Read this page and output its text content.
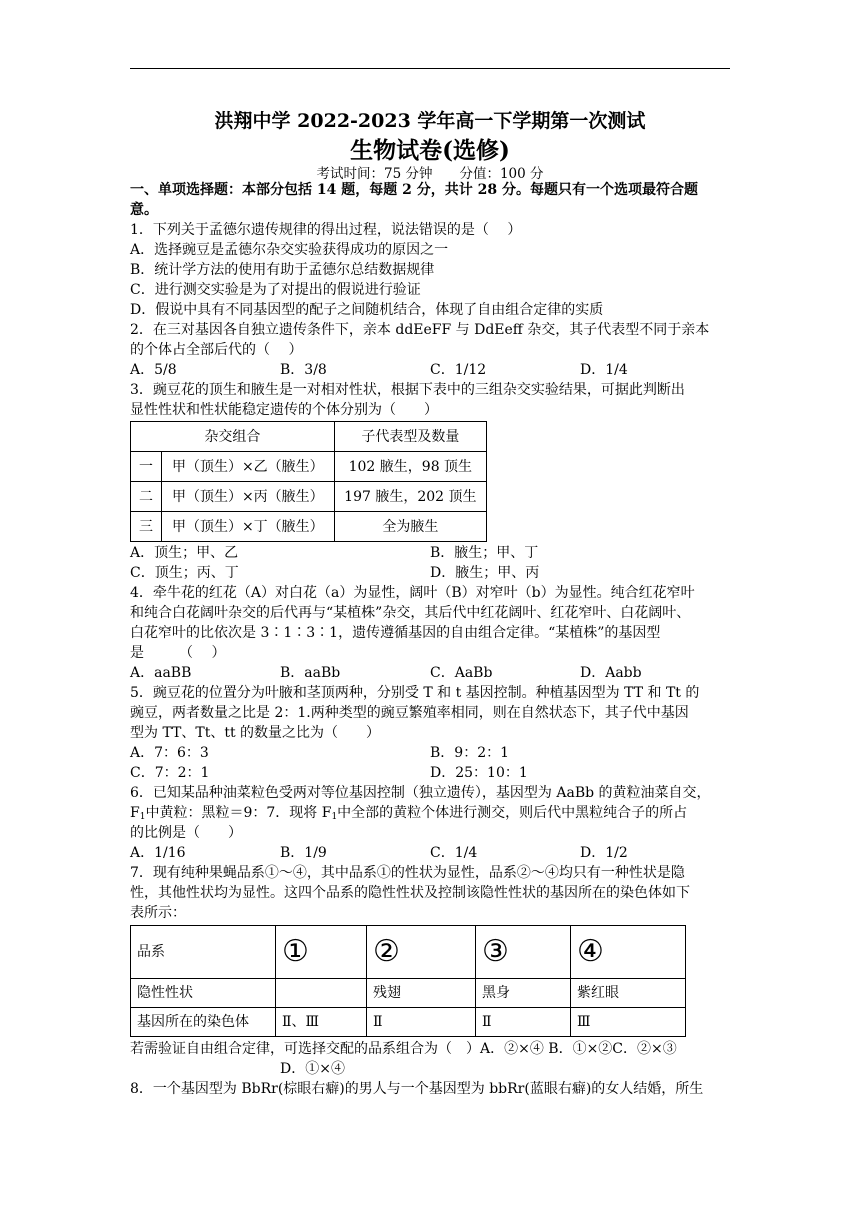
洪翔中学 2022-2023 学年高一下学期第一次测试
生物试卷(选修)
考试时间：75 分钟　　分值：100 分
一、单项选择题：本部分包括 14 题，每题 2 分，共计 28 分。每题只有一个选项最符合题
意。
1．下列关于孟德尔遗传规律的得出过程，说法错误的是（　 ）
A．选择豌豆是孟德尔杂交实验获得成功的原因之一
B．统计学方法的使用有助于孟德尔总结数据规律
C．进行测交实验是为了对提出的假说进行验证
D．假说中具有不同基因型的配子之间随机结合，体现了自由组合定律的实质
2．在三对基因各自独立遗传条件下，亲本 ddEeFF 与 DdEeff 杂交，其子代表型不同于亲本
的个体占全部后代的（　 ）
A．5/8	B．3/8	C．1/12	D．1/4
3．豌豆花的顶生和腋生是一对相对性状，根据下表中的三组杂交实验结果，可据此判断出
显性性状和性状能稳定遗传的个体分别为（　　）
杂交组合		子代表型及数量
一	甲（顶生）×乙（腋生）	102 腋生，98 顶生
二	甲（顶生）×丙（腋生）	197 腋生，202 顶生
三	甲（顶生）×丁（腋生）	全为腋生
A．顶生；甲、乙	B．腋生；甲、丁
C．顶生；丙、丁	D．腋生；甲、丙
4．牵牛花的红花（A）对白花（a）为显性，阔叶（B）对窄叶（b）为显性。纯合红花窄叶
和纯合白花阔叶杂交的后代再与“某植株”杂交，其后代中红花阔叶、红花窄叶、白花阔叶、
白花窄叶的比依次是 3∶1∶3∶1，遗传遵循基因的自由组合定律。“某植株”的基因型
是　　　（　 ）
A．aaBB	B．aaBb	C．AaBb	D．Aabb
5．豌豆花的位置分为叶腋和茎顶两种，分别受 T 和 t 基因控制。种植基因型为 TT 和 Tt 的
豌豆，两者数量之比是 2：1.两种类型的豌豆繁殖率相同，则在自然状态下，其子代中基因
型为 TT、Tt、tt 的数量之比为（　　）
A．7：6：3	B．9：2：1
C．7：2：1	D．25：10：1
6．已知某品种油菜粒色受两对等位基因控制（独立遗传），基因型为 AaBb 的黄粒油菜自交，
$F_1$中黄粒：黑粒＝9：7．现将 $F_1$中全部的黄粒个体进行测交，则后代中黑粒纯合子的所占
的比例是（　　）
A．1/16	B．1/9	C．1/4	D．1/2
7．现有纯种果蝇品系①～④，其中品系①的性状为显性，品系②～④均只有一种性状是隐
性，其他性状均为显性。这四个品系的隐性性状及控制该隐性性状的基因所在的染色体如下
表所示：
品系	①	②	③	④
隐性性状		残翅	黑身	紫红眼
基因所在的染色体	Ⅱ、Ⅲ	Ⅱ	Ⅱ	Ⅲ
若需验证自由组合定律，可选择交配的品系组合为（　）A．②×④ B．①×②C．②×③
D．①×④
8．一个基因型为 BbRr(棕眼右癖)的男人与一个基因型为 bbRr(蓝眼右癖)的女人结婚，所生
